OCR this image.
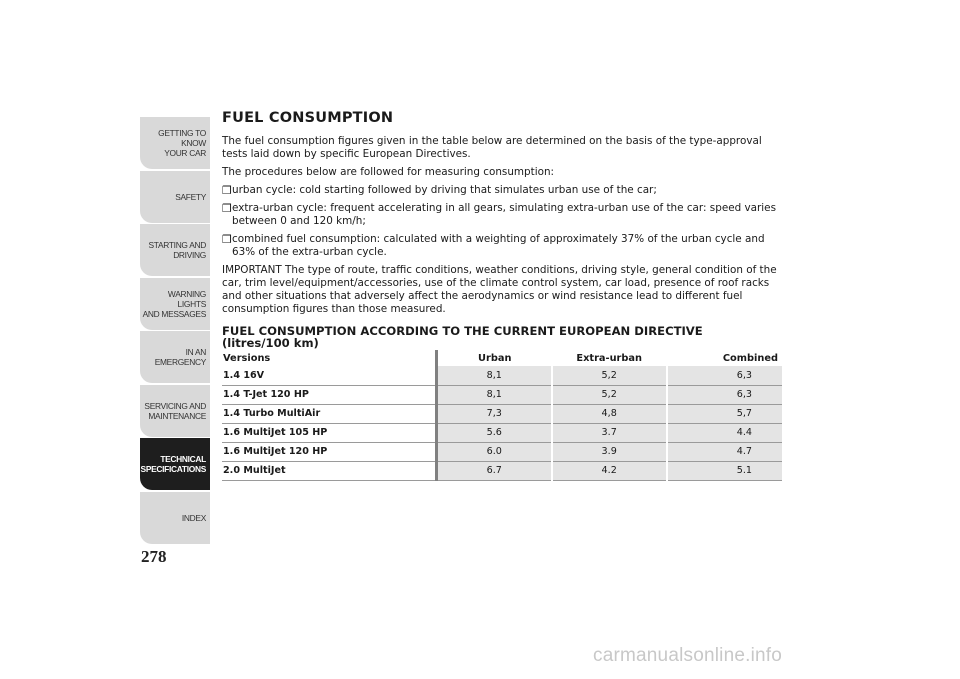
GETTING TO KNOW
YOUR CAR
SAFETY
STARTING AND
DRIVING
WARNING LIGHTS
AND MESSAGES
IN AN EMERGENCY
SERVICING AND
MAINTENANCE
TECHNICAL
SPECIFICATIONS
INDEX
278
FUEL CONSUMPTION
The fuel consumption figures given in the table below are determined on the basis of the type-approval tests laid down by specific European Directives.
The procedures below are followed for measuring consumption:
❒ urban cycle: cold starting followed by driving that simulates urban use of the car;
❒ extra-urban cycle: frequent accelerating in all gears, simulating extra-urban use of the car: speed varies between 0 and 120 km/h;
❒ combined fuel consumption: calculated with a weighting of approximately 37% of the urban cycle and 63% of the extra-urban cycle.
IMPORTANT The type of route, traffic conditions, weather conditions, driving style, general condition of the car, trim level/equipment/accessories, use of the climate control system, car load, presence of roof racks and other situations that adversely affect the aerodynamics or wind resistance lead to different fuel consumption figures than those measured.
FUEL CONSUMPTION ACCORDING TO THE CURRENT EUROPEAN DIRECTIVE
(litres/100 km)
Versions	Urban	Extra-urban	Combined
1.4 16V	8,1	5,2	6,3
1.4 T-Jet 120 HP	8,1	5,2	6,3
1.4 Turbo MultiAir	7,3	4,8	5,7
1.6 MultiJet 105 HP	5.6	3.7	4.4
1.6 MultiJet 120 HP	6.0	3.9	4.7
2.0 MultiJet	6.7	4.2	5.1
carmanualsonline.info
